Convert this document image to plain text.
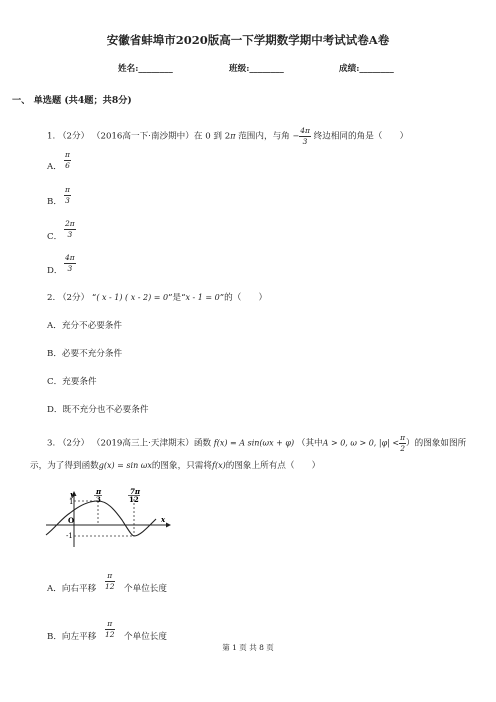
安徽省蚌埠市2020版高一下学期数学期中考试试卷A卷
姓名:________	班级:________	成绩:________
一、 单选题 (共4题；共8分)
1. （2分） （2016高一下·南沙期中）在 0 到 2π 范围内，与角 − $\frac{4\pi}{3}$ 终边相同的角是（　　）
A． $\frac{\pi}{6}$
B． $\frac{\pi}{3}$
C． $\frac{2\pi}{3}$
D． $\frac{4\pi}{3}$
2. （2分） “( x - 1) ( x - 2) = 0”是“x - 1 = 0”的（　　）
A．充分不必要条件
B．必要不充分条件
C．充要条件
D．既不充分也不必要条件
3. （2分） （2019高三上·天津期末）函数 f(x) = A sin(ωx + φ) （其中A > 0, ω > 0, $|\varphi| < \frac{\pi}{2}$ ）的图象如图所
示，为了得到函数g(x) = sin ωx的图象，只需将f(x)的图象上所有点（　　）
y
x
O
1
-1
π
3
7π
12
A．向右平移 $\frac{\pi}{12}$ 个单位长度
B．向左平移 $\frac{\pi}{12}$ 个单位长度
第 1 页 共 8 页
